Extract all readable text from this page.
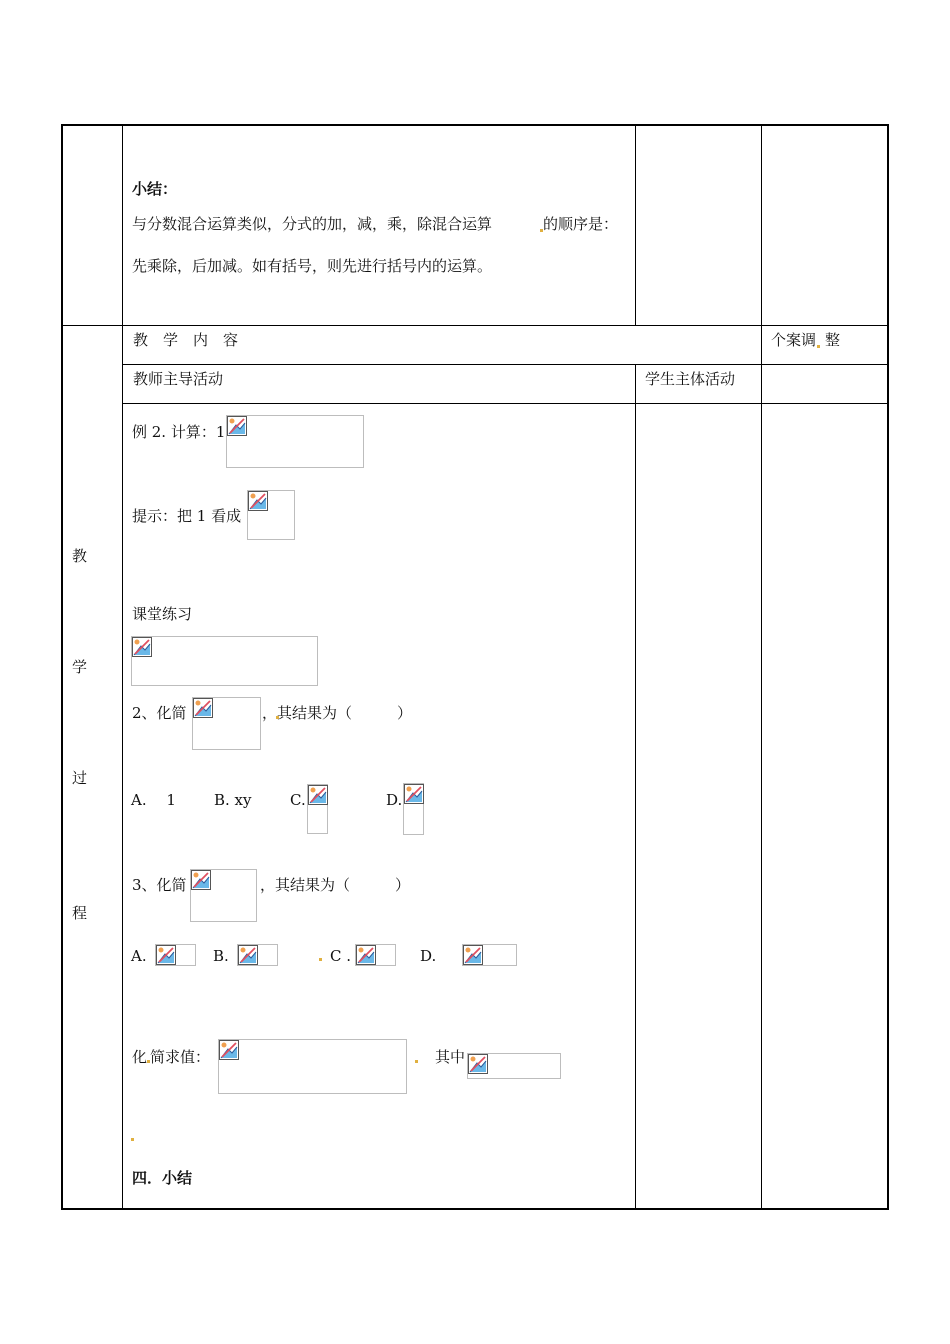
小结：
与分数混合运算类似，分式的加，减，乘，除混合运算	的顺序是：
先乘除，后加减。如有括号，则先进行括号内的运算。
教　学　内　容	个案调 整
教师主导活动	学生主体活动
教
学
过
程
例 2. 计算：1
提示：把 1 看成
课堂练习
2、化简	，其结果为（　　　）
A.　 1	B. xy	C.	D.
3、化简	，其结果为（　　　）
A.	B.	C .	D.
化 简求值：	其中
四．小结
